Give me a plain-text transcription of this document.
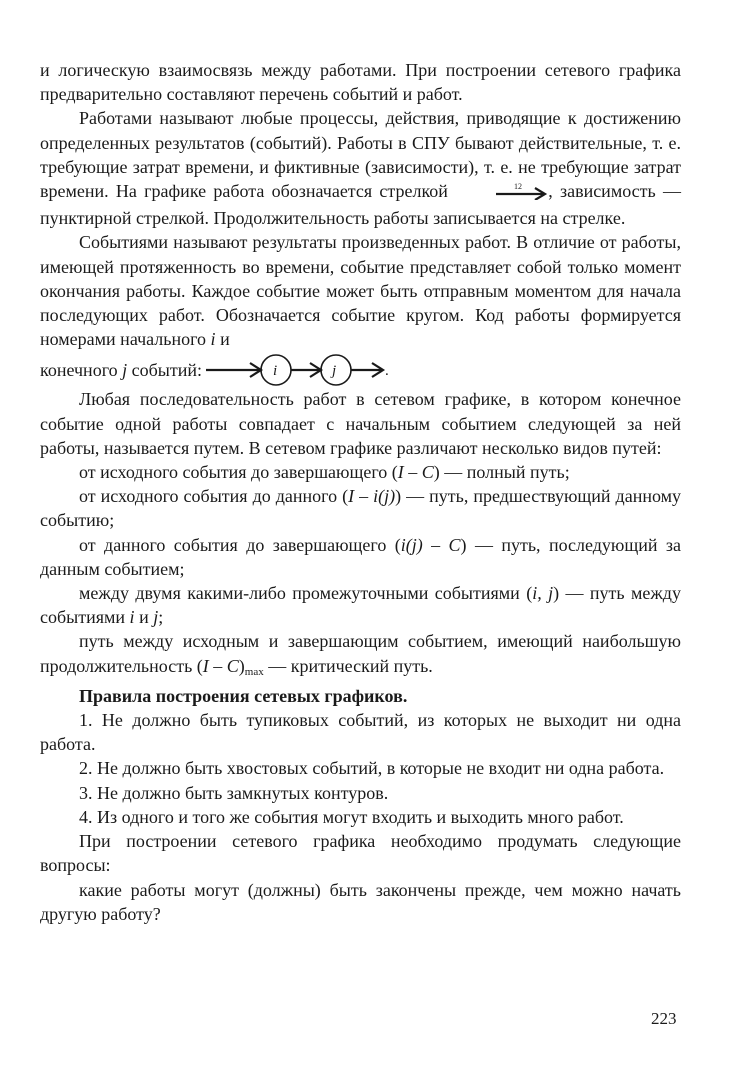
и логическую взаимосвязь между работами. При построении сетевого графика предварительно составляют перечень событий и работ.

Работами называют любые процессы, действия, приводящие к достижению определенных результатов (событий). Работы в СПУ бывают действительные, т. е. требующие затрат времени, и фиктивные (зависимости), т. е. не требующие затрат времени. На графике работа обозначается стрелкой	12 , зависимость — пунктирной стрелкой. Продолжительность работы записывается на стрелке.

Событиями называют результаты произведенных работ. В отличие от работы, имеющей протяженность во времени, событие представляет собой только момент окончания работы. Каждое событие может быть отправным моментом для начала последующих работ. Обозначается событие кругом. Код работы формируется номерами начального i и

конечного
j
событий:	i	j	.

Любая последовательность работ в сетевом графике, в котором конечное событие одной работы совпадает с начальным событием следующей за ней работы, называется путем. В сетевом графике различают несколько видов путей:

от исходного события до завершающего (I – C) — полный путь;

от исходного события до данного (I – i(j)) — путь, предшествующий данному событию;

от данного события до завершающего (i(j) – C) — путь, последующий за данным событием;

между двумя какими-либо промежуточными событиями (i, j) — путь между событиями i и j;

путь между исходным и завершающим событием, имеющий наибольшую продолжительность $(I - C)_{max}$ — критический путь.

Правила построения сетевых графиков.

1. Не должно быть тупиковых событий, из которых не выходит ни одна работа.

2. Не должно быть хвостовых событий, в которые не входит ни одна работа.

3. Не должно быть замкнутых контуров.

4. Из одного и того же события могут входить и выходить много работ.

При построении сетевого графика необходимо продумать следующие вопросы:

какие работы могут (должны) быть закончены прежде, чем можно начать другую работу?

223
